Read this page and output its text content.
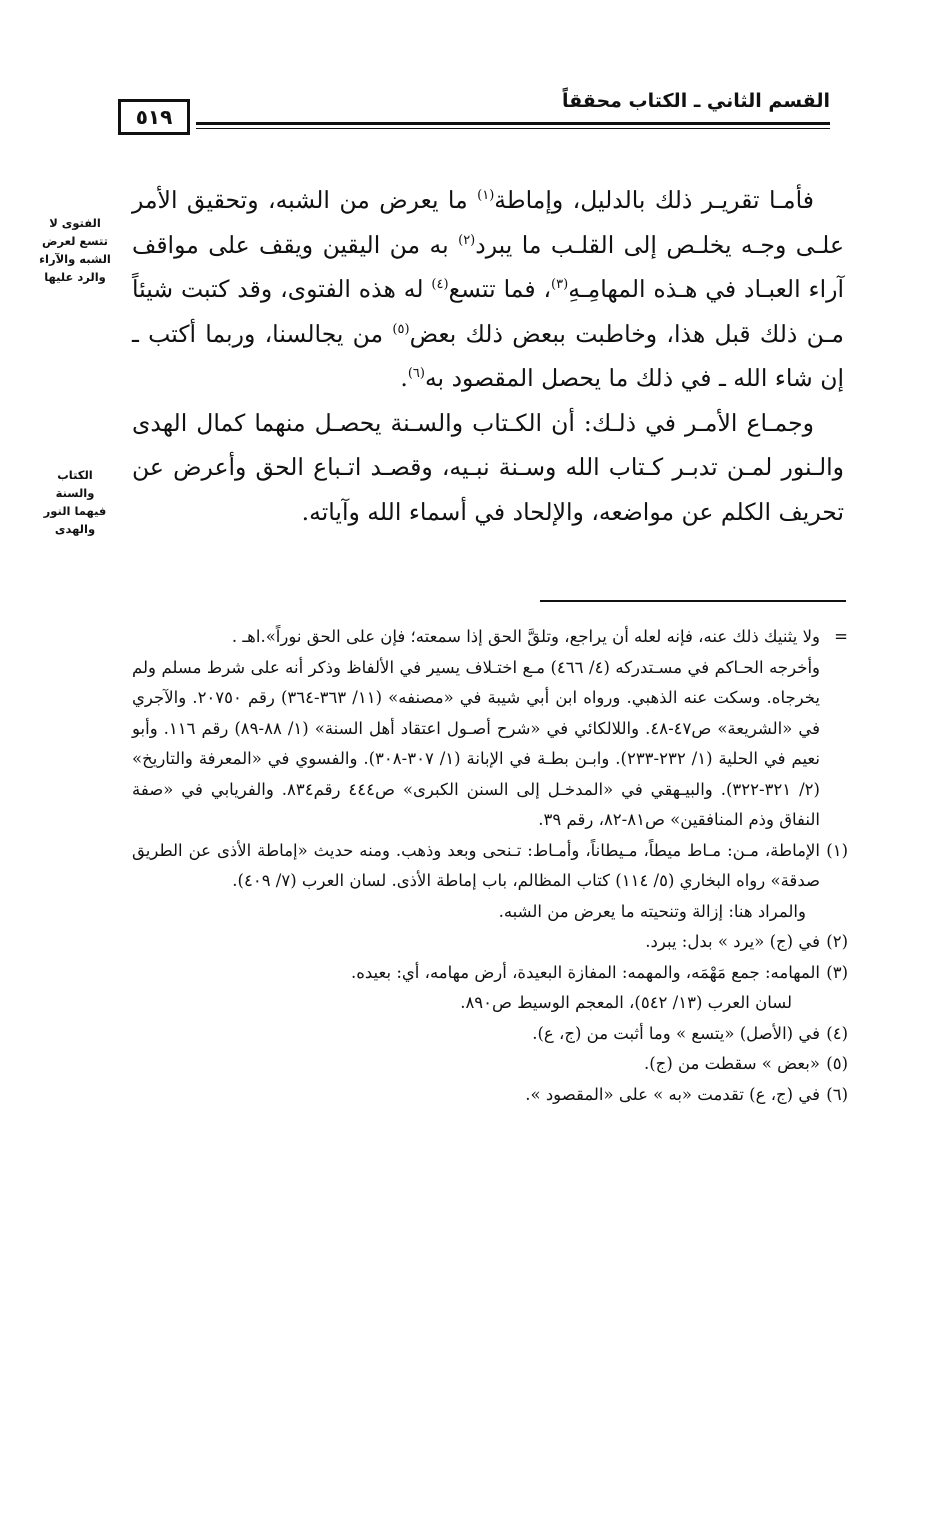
القسم الثاني ـ الكتاب محققاً
٥١٩
الفتوى لا
تتسع لعرض
الشبه والآراء
والرد عليها
الكتاب
والسنة
فيهما النور
والهدى

فأمـا تقريـر ذلك بالدليل، وإماطة$^{(١)}$ ما يعرض من الشبه، وتحقيق الأمر علـى وجـه يخلـص إلى القلـب ما يبرد$^{(٢)}$ به من اليقين ويقف على مواقف آراء العبـاد في هـذه المهامِـهِ$^{(٣)}$، فما تتسع$^{(٤)}$ له هذه الفتوى، وقد كتبت شيئاً مـن ذلك قبل هذا، وخاطبت ببعض ذلك بعض$^{(٥)}$ من يجالسنا، وربما أكتب ـ إن شاء الله ـ في ذلك ما يحصل المقصود به$^{(٦)}$.

وجمـاع الأمـر في ذلـك: أن الكـتاب والسـنة يحصـل منهما كمال الهدى والـنور لمـن تدبـر كـتاب الله وسـنة نبـيه، وقصـد اتـباع الحق وأعرض عن تحريف الكلم عن مواضعه، والإلحاد في أسماء الله وآياته.

=
ولا يثنيك ذلك عنه، فإنه لعله أن يراجع، وتلقَّ الحق إذا سمعته؛ فإن على الحق نوراً».اهـ .

وأخرجه الحـاكم في مسـتدركه (٤/ ٤٦٦) مـع اختـلاف يسير في الألفاظ وذكر أنه على شرط مسلم ولم يخرجاه. وسكت عنه الذهبي. ورواه ابن أبي شيبة في «مصنفه» (١١/ ٣٦٣-٣٦٤) رقم ٢٠٧٥٠. والآجري في «الشريعة» ص٤٧-٤٨. واللالكائي في «شرح أصـول اعتقاد أهل السنة» (١/ ٨٨-٨٩) رقم ١١٦. وأبو نعيم في الحلية (١/ ٢٣٢-٢٣٣). وابـن بطـة في الإبانة (١/ ٣٠٧-٣٠٨). والفسوي في «المعرفة والتاريخ» (٢/ ٣٢١-٣٢٢). والبيـهقي في «المدخـل إلى السنن الكبرى» ص٤٤٤ رقم٨٣٤. والفريابي في «صفة النفاق وذم المنافقين» ص٨١-٨٢، رقم ٣٩.

(١)
الإماطة، مـن: مـاط ميطاً، مـيطاناً، وأمـاط: تـنحى وبعد وذهب. ومنه حديث «إماطة الأذى عن الطريق صدقة» رواه البخاري (٥/ ١١٤) كتاب المظالم، باب إماطة الأذى. لسان العرب (٧/ ٤٠٩).

والمراد هنا: إزالة وتنحيته ما يعرض من الشبه.

(٢)
في (ج) «يرد » بدل: يبرد.

(٣)
المهامه: جمع مَهْمَه، والمهمه: المفازة البعيدة، أرض مهامه، أي: بعيده.

لسان العرب (١٣/ ٥٤٢)، المعجم الوسيط ص٨٩٠.

(٤)
في (الأصل) «يتسع » وما أثبت من (ج، ع).

(٥)
«بعض » سقطت من (ج).

(٦)
في (ج، ع) تقدمت «به » على «المقصود ».
